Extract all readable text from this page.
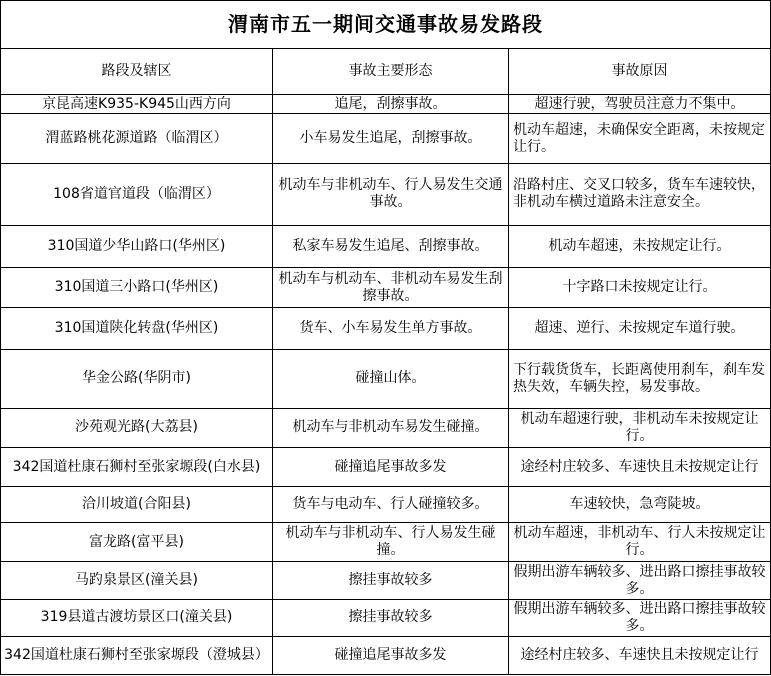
渭南市五一期间交通事故易发路段		
路段及辖区	事故主要形态	事故原因
京昆高速K935-K945山西方向	追尾，刮擦事故。	超速行驶，驾驶员注意力不集中。
渭蓝路桃花源道路（临渭区）	小车易发生追尾，刮擦事故。	机动车超速，未确保安全距离，未按规定让行。
108省道官道段（临渭区）	机动车与非机动车、行人易发生交通事故。	沿路村庄、交叉口较多，货车车速较快，非机动车横过道路未注意安全。
310国道少华山路口(华州区)	私家车易发生追尾、刮擦事故。	机动车超速，未按规定让行。
310国道三小路口(华州区)	机动车与机动车、非机动车易发生刮擦事故。	十字路口未按规定让行。
310国道陕化转盘(华州区)	货车、小车易发生单方事故。	超速、逆行、未按规定车道行驶。
华金公路(华阴市)	碰撞山体。	下行载货货车，长距离使用刹车，刹车发热失效，车辆失控，易发事故。
沙苑观光路(大荔县)	机动车与非机动车易发生碰撞。	机动车超速行驶，非机动车未按规定让行。
342国道杜康石狮村至张家塬段(白水县)	碰撞追尾事故多发	途经村庄较多、车速快且未按规定让行
洽川坡道(合阳县)	货车与电动车、行人碰撞较多。	车速较快，急弯陡坡。
富龙路(富平县)	机动车与非机动车、行人易发生碰撞。	机动车超速，非机动车、行人未按规定让行。
马趵泉景区(潼关县)	擦挂事故较多	假期出游车辆较多、进出路口擦挂事故较多。
319县道古渡坊景区口(潼关县)	擦挂事故较多	假期出游车辆较多、进出路口擦挂事故较多。
342国道杜康石狮村至张家塬段（澄城县）	碰撞追尾事故多发	途经村庄较多、车速快且未按规定让行
